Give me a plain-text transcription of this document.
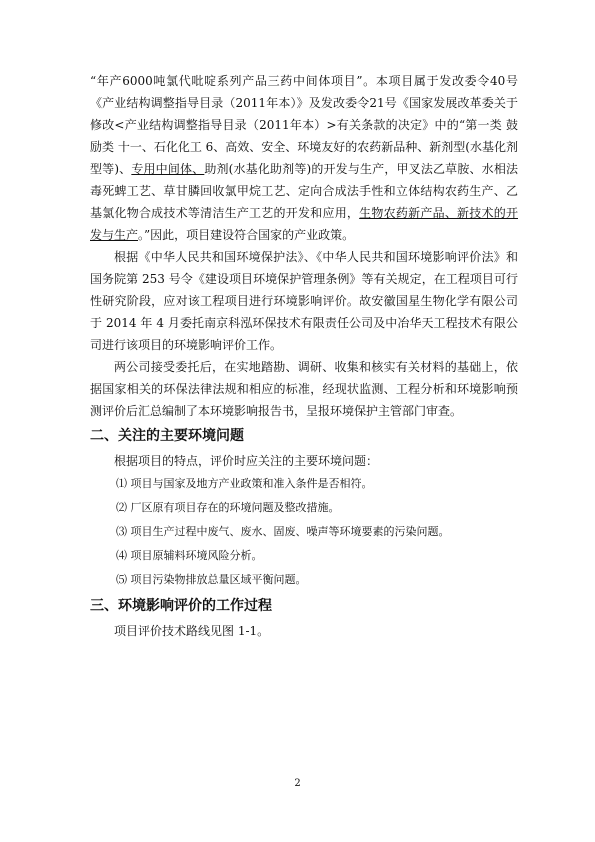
“年产6000吨氯代吡啶系列产品三药中间体项目”。本项目属于发改委令40号《产业结构调整指导目录（2011年本）》及发改委令21号《国家发展改革委关于修改<产业结构调整指导目录（2011年本）>有关条款的决定》中的“第一类 鼓励类 十一、石化化工 6、高效、安全、环境友好的农药新品种、新剂型(水基化剂型等)、专用中间体、助剂(水基化助剂等)的开发与生产，甲叉法乙草胺、水相法毒死蜱工艺、草甘膦回收氯甲烷工艺、定向合成法手性和立体结构农药生产、乙基氯化物合成技术等清洁生产工艺的开发和应用，生物农药新产品、新技术的开发与生产。”因此，项目建设符合国家的产业政策。

根据《中华人民共和国环境保护法》、《中华人民共和国环境影响评价法》和国务院第 253 号令《建设项目环境保护管理条例》等有关规定，在工程项目可行性研究阶段，应对该工程项目进行环境影响评价。故安徽国星生物化学有限公司于 2014 年 4 月委托南京科泓环保技术有限责任公司及中冶华天工程技术有限公司进行该项目的环境影响评价工作。

两公司接受委托后，在实地踏勘、调研、收集和核实有关材料的基础上，依据国家相关的环保法律法规和相应的标准，经现状监测、工程分析和环境影响预测评价后汇总编制了本环境影响报告书，呈报环境保护主管部门审查。

二、关注的主要环境问题

根据项目的特点，评价时应关注的主要环境问题：

⑴ 项目与国家及地方产业政策和准入条件是否相符。

⑵ 厂区原有项目存在的环境问题及整改措施。

⑶ 项目生产过程中废气、废水、固废、噪声等环境要素的污染问题。

⑷ 项目原辅料环境风险分析。

⑸ 项目污染物排放总量区域平衡问题。

三、环境影响评价的工作过程

项目评价技术路线见图 1-1。

2
